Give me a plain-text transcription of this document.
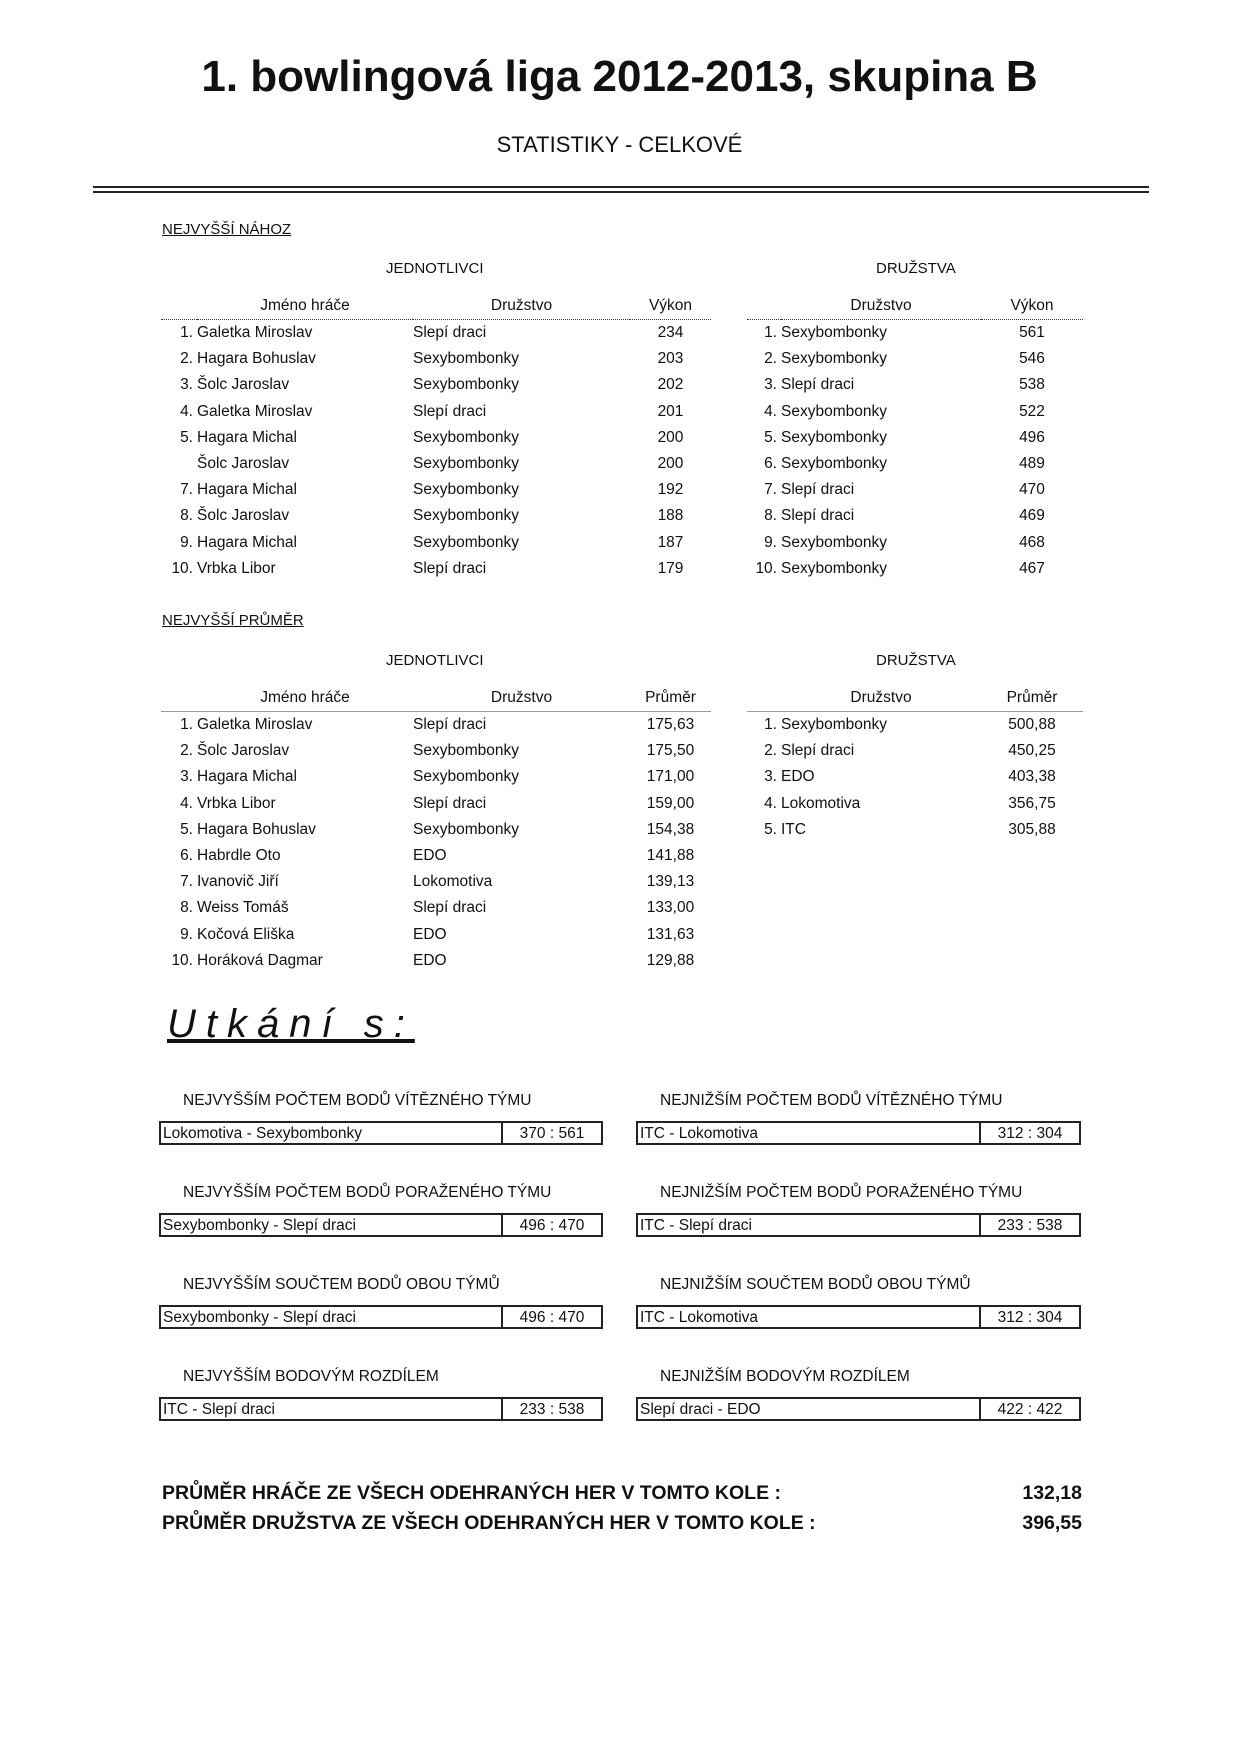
1. bowlingová liga 2012-2013, skupina B
STATISTIKY - CELKOVÉ
NEJVYŠŠÍ NÁHOZ
JEDNOTLIVCI	DRUŽSTVA
	Jméno hráče	Družstvo	Výkon
1.	Galetka Miroslav	Slepí draci	234
2.	Hagara Bohuslav	Sexybombonky	203
3.	Šolc Jaroslav	Sexybombonky	202
4.	Galetka Miroslav	Slepí draci	201
5.	Hagara Michal	Sexybombonky	200
	Šolc Jaroslav	Sexybombonky	200
7.	Hagara Michal	Sexybombonky	192
8.	Šolc Jaroslav	Sexybombonky	188
9.	Hagara Michal	Sexybombonky	187
10.	Vrbka Libor	Slepí draci	179
	Družstvo	Výkon
1.	Sexybombonky	561
2.	Sexybombonky	546
3.	Slepí draci	538
4.	Sexybombonky	522
5.	Sexybombonky	496
6.	Sexybombonky	489
7.	Slepí draci	470
8.	Slepí draci	469
9.	Sexybombonky	468
10.	Sexybombonky	467
NEJVYŠŠÍ PRŮMĚR
JEDNOTLIVCI	DRUŽSTVA
	Jméno hráče	Družstvo	Průměr
1.	Galetka Miroslav	Slepí draci	175,63
2.	Šolc Jaroslav	Sexybombonky	175,50
3.	Hagara Michal	Sexybombonky	171,00
4.	Vrbka Libor	Slepí draci	159,00
5.	Hagara Bohuslav	Sexybombonky	154,38
6.	Habrdle Oto	EDO	141,88
7.	Ivanovič Jiří	Lokomotiva	139,13
8.	Weiss Tomáš	Slepí draci	133,00
9.	Kočová Eliška	EDO	131,63
10.	Horáková Dagmar	EDO	129,88
	Družstvo	Průměr
1.	Sexybombonky	500,88
2.	Slepí draci	450,25
3.	EDO	403,38
4.	Lokomotiva	356,75
5.	ITC	305,88
Utkání s:
NEJVYŠŠÍM POČTEM BODŮ VÍTĚZNÉHO TÝMU
Lokomotiva - Sexybombonky	370 : 561
NEJNIŽŠÍM POČTEM BODŮ VÍTĚZNÉHO TÝMU
ITC - Lokomotiva	312 : 304
NEJVYŠŠÍM POČTEM BODŮ PORAŽENÉHO TÝMU
Sexybombonky - Slepí draci	496 : 470
NEJNIŽŠÍM POČTEM BODŮ PORAŽENÉHO TÝMU
ITC - Slepí draci	233 : 538
NEJVYŠŠÍM SOUČTEM BODŮ OBOU TÝMŮ
Sexybombonky - Slepí draci	496 : 470
NEJNIŽŠÍM SOUČTEM BODŮ OBOU TÝMŮ
ITC - Lokomotiva	312 : 304
NEJVYŠŠÍM BODOVÝM ROZDÍLEM
ITC - Slepí draci	233 : 538
NEJNIŽŠÍM BODOVÝM ROZDÍLEM
Slepí draci - EDO	422 : 422
PRŮMĚR HRÁČE ZE VŠECH ODEHRANÝCH HER V TOMTO KOLE :	132,18
PRŮMĚR DRUŽSTVA ZE VŠECH ODEHRANÝCH HER V TOMTO KOLE :	396,55
